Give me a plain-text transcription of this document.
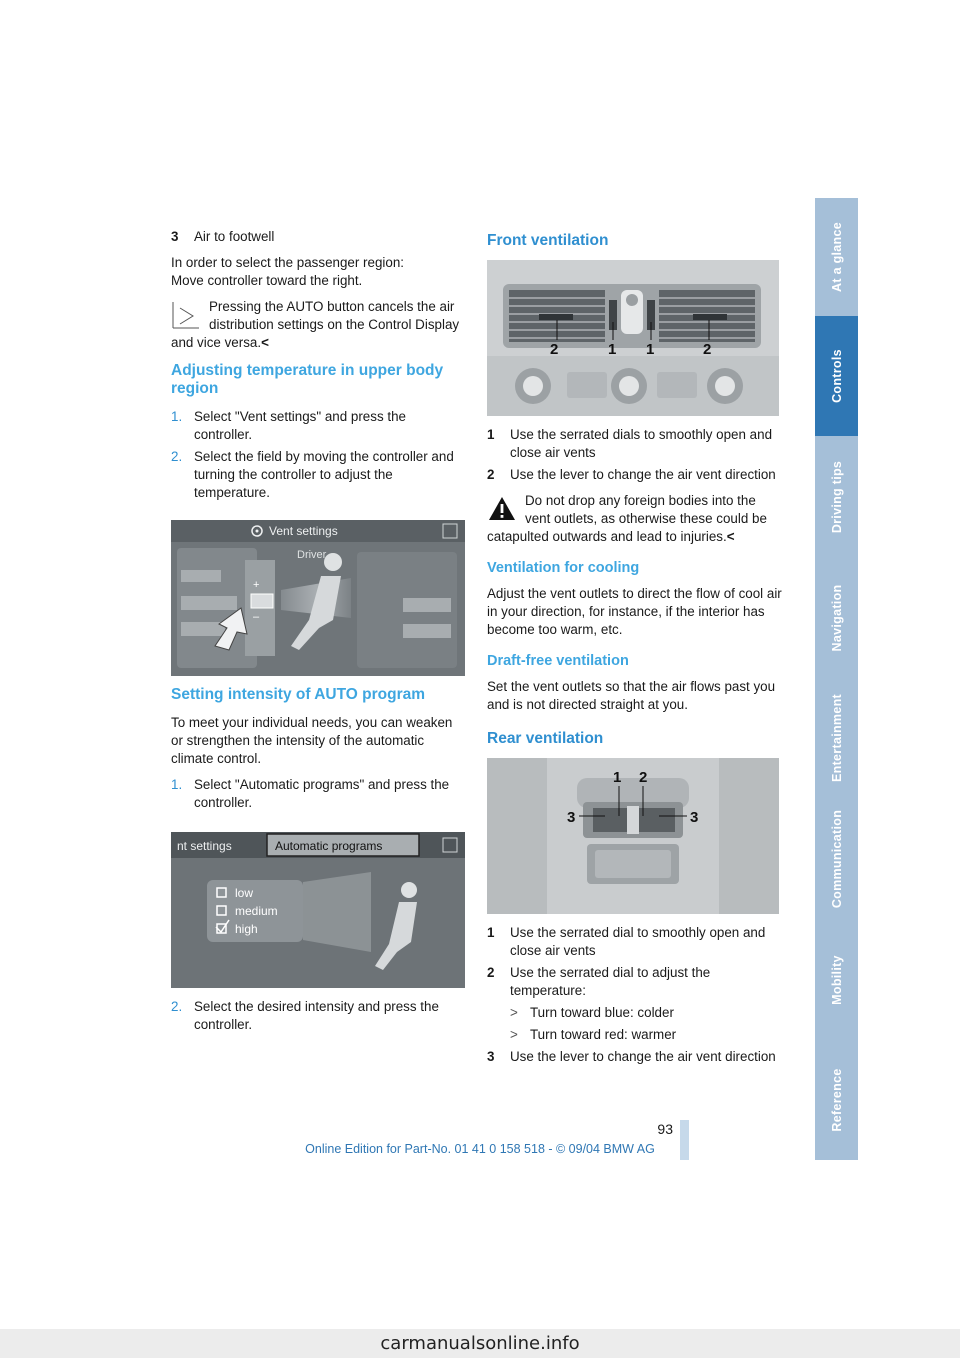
3 Air to footwell

In order to select the passenger region:

Move controller toward the right.

Pressing the AUTO button cancels the air distribution settings on the Control Display and vice versa.<
Adjusting temperature in upper body region
1. Select "Vent settings" and press the controller.
2. Select the field by moving the controller and turning the controller to adjust the temperature.
Vent settings
Driver
+
–
Setting intensity of AUTO program

To meet your individual needs, you can weaken or strengthen the intensity of the automatic climate control.

1. Select "Automatic programs" and press the controller.
nt settings	Automatic programs
low
medium
high
2. Select the desired intensity and press the controller.
Front ventilation
2	1 1	2
1 Use the serrated dials to smoothly open and close air vents
2 Use the lever to change the air vent direction
Do not drop any foreign bodies into the vent outlets, as otherwise these could be catapulted outwards and lead to injuries.<
Ventilation for cooling

Adjust the vent outlets to direct the flow of cool air in your direction, for instance, if the interior has become too warm, etc.

Draft-free ventilation

Set the vent outlets so that the air flows past you and is not directed straight at you.

Rear ventilation
1 2
3	3
1 Use the serrated dial to smoothly open and close air vents
2 Use the serrated dial to adjust the temperature:
> Turn toward blue: colder
> Turn toward red: warmer
3 Use the lever to change the air vent direction
At a glance
Controls
Driving tips
Navigation
Entertainment
Communication
Mobility
Reference
93
Online Edition for Part-No. 01 41 0 158 518 - © 09/04 BMW AG
carmanualsonline.info
